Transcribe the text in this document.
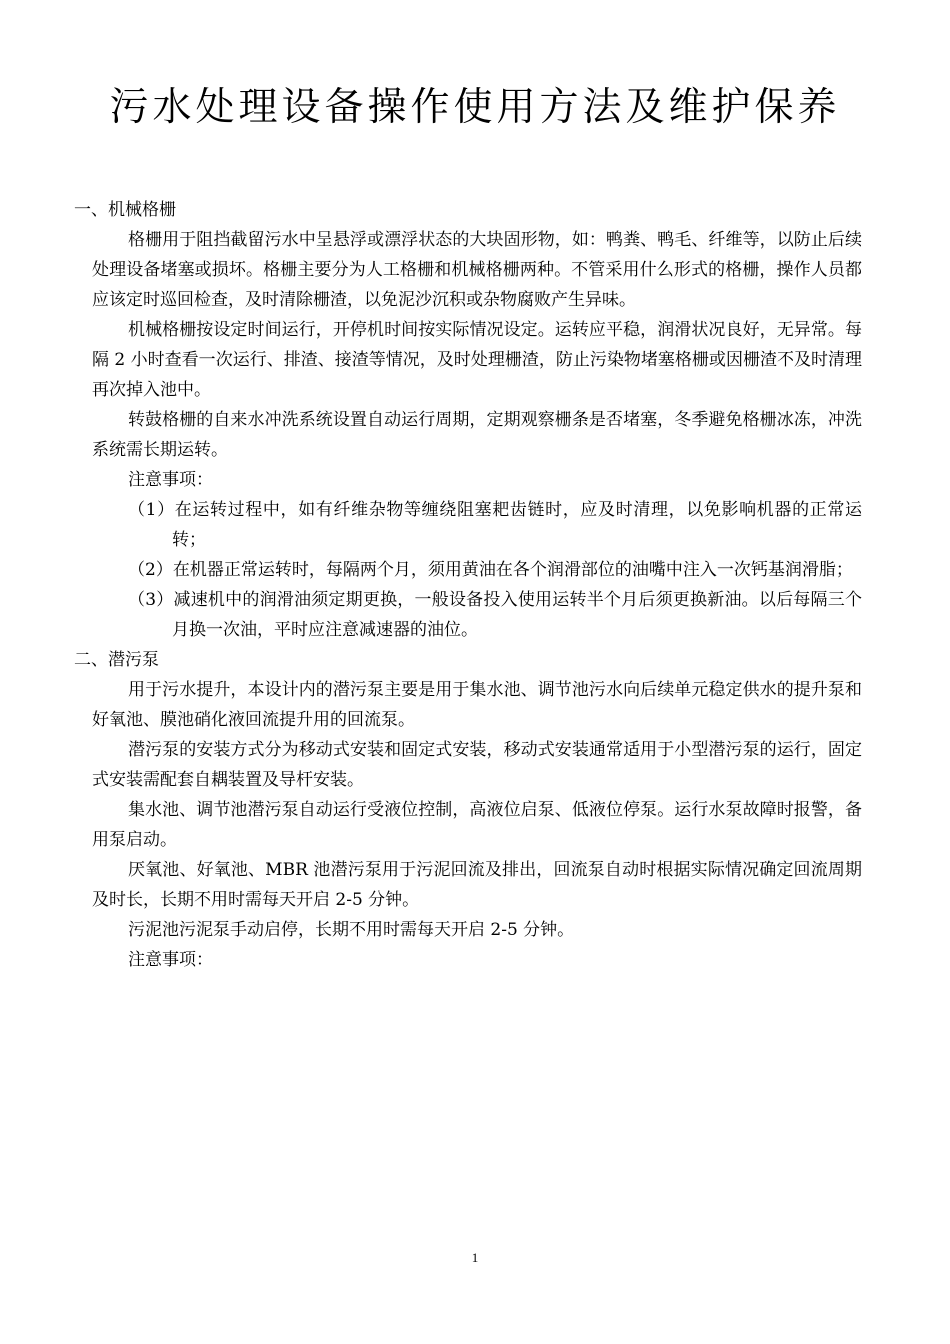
污水处理设备操作使用方法及维护保养

一、机械格栅

格栅用于阻挡截留污水中呈悬浮或漂浮状态的大块固形物，如：鸭粪、鸭毛、纤维等，以防止后续处理设备堵塞或损坏。格栅主要分为人工格栅和机械格栅两种。不管采用什么形式的格栅，操作人员都应该定时巡回检查，及时清除栅渣，以免泥沙沉积或杂物腐败产生异味。

机械格栅按设定时间运行，开停机时间按实际情况设定。运转应平稳，润滑状况良好，无异常。每隔 2 小时查看一次运行、排渣、接渣等情况，及时处理栅渣，防止污染物堵塞格栅或因栅渣不及时清理再次掉入池中。

转鼓格栅的自来水冲洗系统设置自动运行周期，定期观察栅条是否堵塞，冬季避免格栅冰冻，冲洗系统需长期运转。

注意事项：

（1）在运转过程中，如有纤维杂物等缠绕阻塞耙齿链时，应及时清理，以免影响机器的正常运转；

（2）在机器正常运转时，每隔两个月，须用黄油在各个润滑部位的油嘴中注入一次钙基润滑脂；

（3）减速机中的润滑油须定期更换，一般设备投入使用运转半个月后须更换新油。以后每隔三个月换一次油，平时应注意减速器的油位。

二、潜污泵

用于污水提升，本设计内的潜污泵主要是用于集水池、调节池污水向后续单元稳定供水的提升泵和好氧池、膜池硝化液回流提升用的回流泵。

潜污泵的安装方式分为移动式安装和固定式安装，移动式安装通常适用于小型潜污泵的运行，固定式安装需配套自耦装置及导杆安装。

集水池、调节池潜污泵自动运行受液位控制，高液位启泵、低液位停泵。运行水泵故障时报警，备用泵启动。

厌氧池、好氧池、MBR 池潜污泵用于污泥回流及排出，回流泵自动时根据实际情况确定回流周期及时长，长期不用时需每天开启 2-5 分钟。

污泥池污泥泵手动启停，长期不用时需每天开启 2-5 分钟。

注意事项：

1
